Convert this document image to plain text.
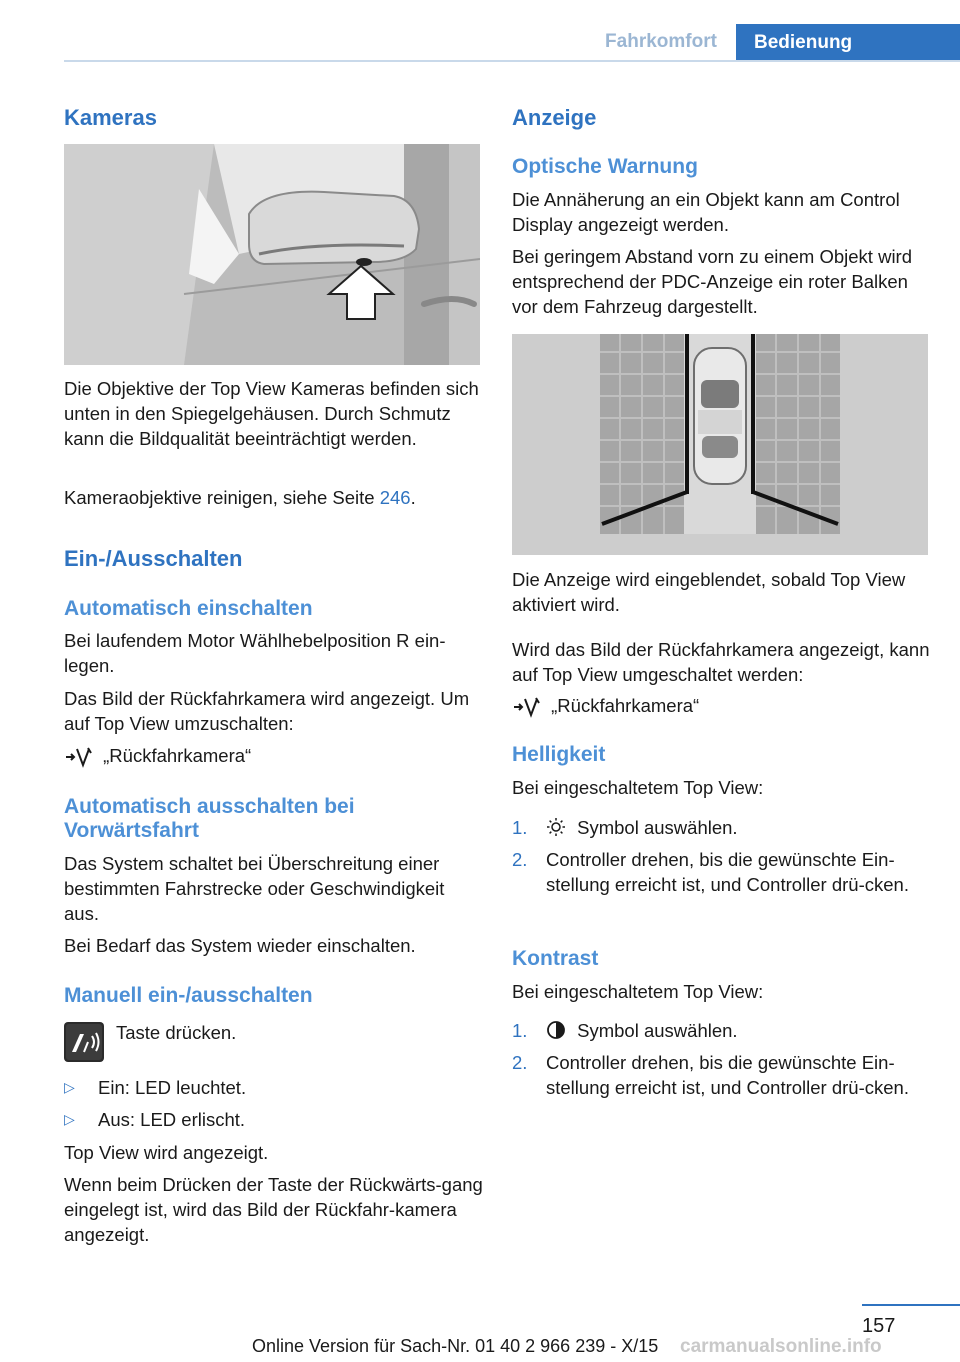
Fahrkomfort	Bedienung
Kameras
Die Objektive der Top View Kameras befinden sich unten in den Spiegelgehäusen. Durch Schmutz kann die Bildqualität beeinträchtigt werden.
Kameraobjektive reinigen, siehe Seite 246.
Ein-/Ausschalten
Automatisch einschalten
Bei laufendem Motor Wählhebelposition R ein-legen.
Das Bild der Rückfahrkamera wird angezeigt. Um auf Top View umzuschalten:
„Rückfahrkamera“
Automatisch ausschalten bei Vorwärtsfahrt
Das System schaltet bei Überschreitung einer bestimmten Fahrstrecke oder Geschwindigkeit aus.
Bei Bedarf das System wieder einschalten.
Manuell ein-/ausschalten
Taste drücken.
▷ Ein: LED leuchtet.
▷ Aus: LED erlischt.
Top View wird angezeigt.
Wenn beim Drücken der Taste der Rückwärts-gang eingelegt ist, wird das Bild der Rückfahr-kamera angezeigt.
Anzeige
Optische Warnung
Die Annäherung an ein Objekt kann am Control Display angezeigt werden.
Bei geringem Abstand vorn zu einem Objekt wird entsprechend der PDC-Anzeige ein roter Balken vor dem Fahrzeug dargestellt.
Die Anzeige wird eingeblendet, sobald Top View aktiviert wird.
Wird das Bild der Rückfahrkamera angezeigt, kann auf Top View umgeschaltet werden:
„Rückfahrkamera“
Helligkeit
Bei eingeschaltetem Top View:
1.	Symbol auswählen.
2. Controller drehen, bis die gewünschte Ein-stellung erreicht ist, und Controller drü-cken.
Kontrast
Bei eingeschaltetem Top View:
1.	Symbol auswählen.
2. Controller drehen, bis die gewünschte Ein-stellung erreicht ist, und Controller drü-cken.
157
Online Version für Sach-Nr. 01 40 2 966 239 - X/15 carmanualsonline.info
